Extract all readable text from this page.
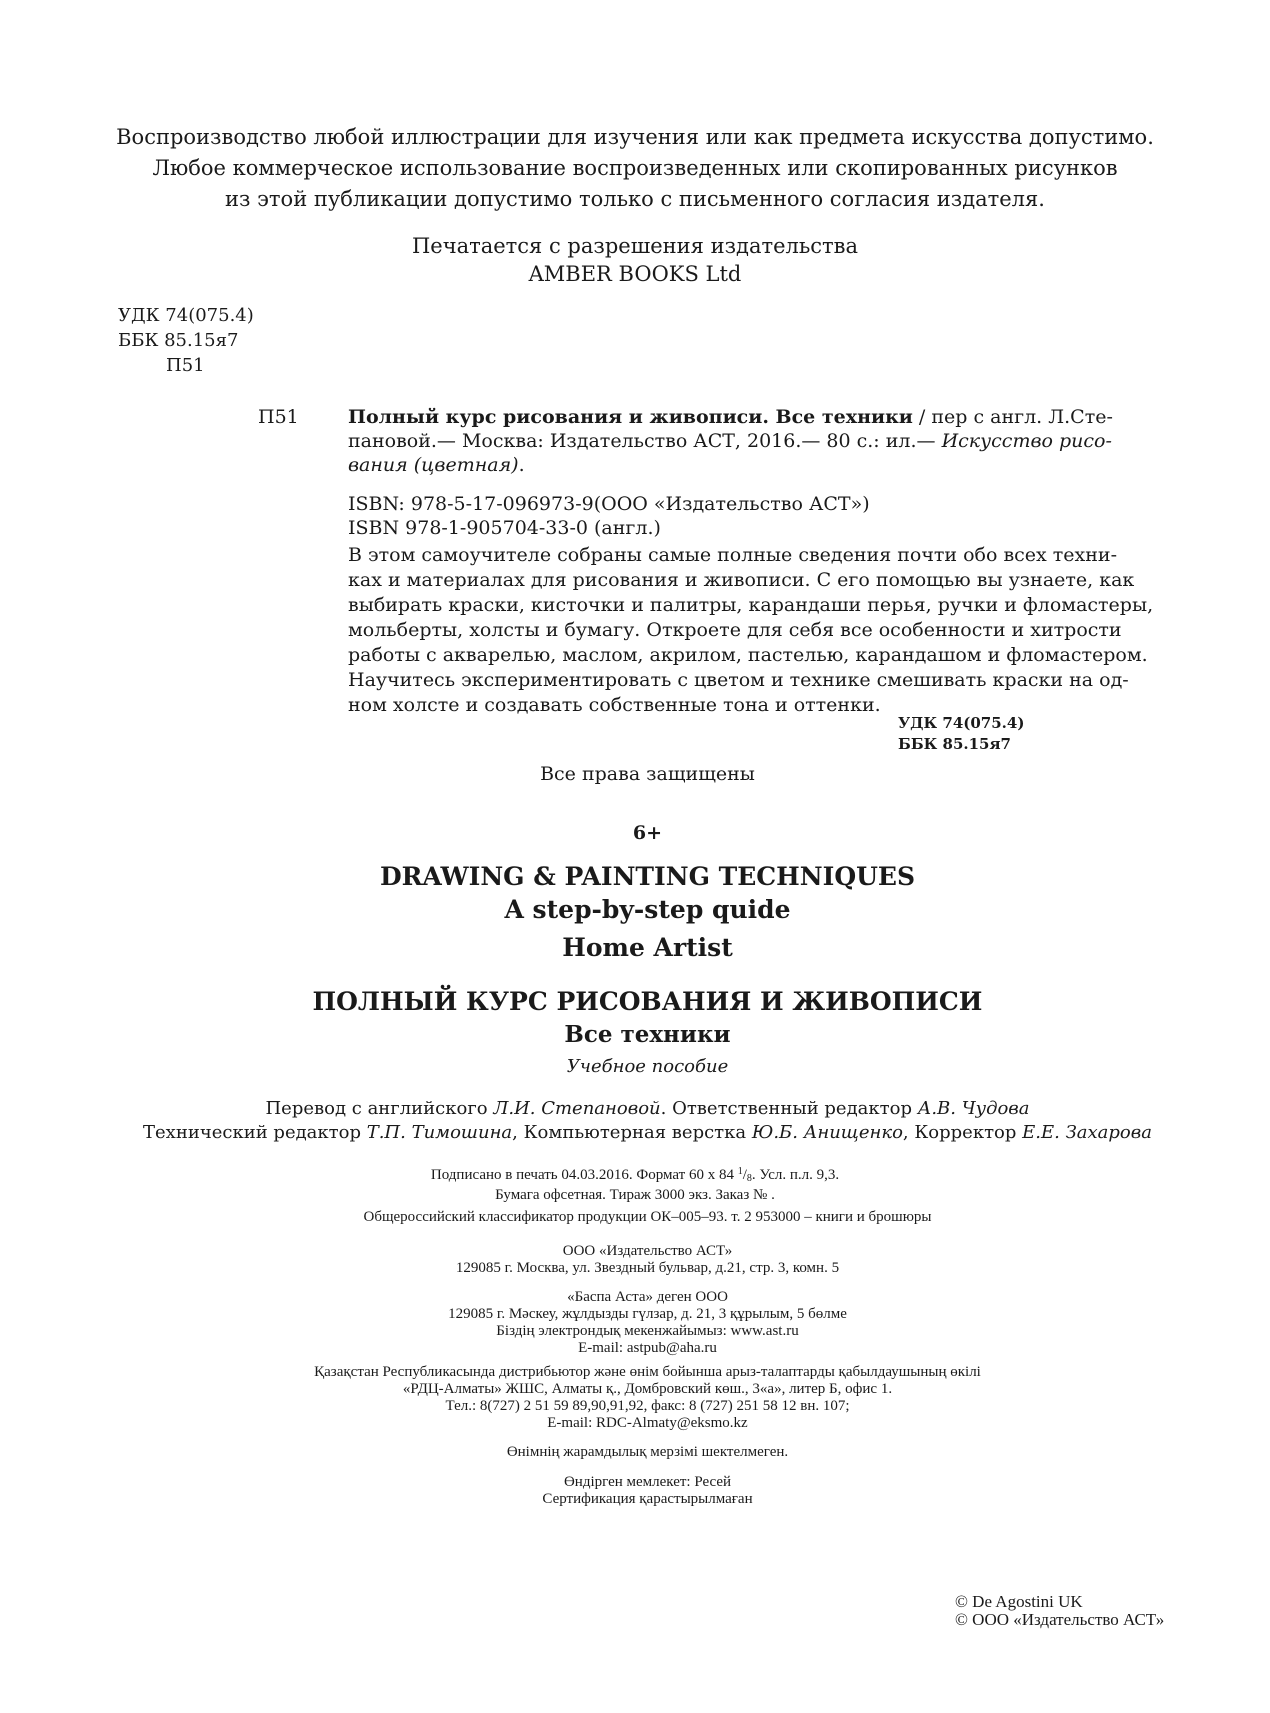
Воспроизводство любой иллюстрации для изучения или как предмета искусства допустимо.
Любое коммерческое использование воспроизведенных или скопированных рисунков
из этой публикации допустимо только с письменного согласия издателя.
Печатается с разрешения издательства
AMBER BOOKS Ltd
УДК 74(075.4)
ББК 85.15я7
П51
П51	Полный курс рисования и живописи. Все техники / пер с англ. Л.Сте-
пановой.— Москва: Издательство АСТ, 2016.— 80 с.: ил.— Искусство рисо-
вания (цветная).
ISBN: 978-5-17-096973-9(ООО «Издательство АСТ»)
ISBN 978-1-905704-33-0 (англ.)
В этом самоучителе собраны самые полные сведения почти обо всех техни-
ках и материалах для рисования и живописи. С его помощью вы узнаете, как
выбирать краски, кисточки и палитры, карандаши перья, ручки и фломастеры,
мольберты, холсты и бумагу. Откроете для себя все особенности и хитрости
работы с акварелью, маслом, акрилом, пастелью, карандашом и фломастером.
Научитесь экспериментировать с цветом и технике смешивать краски на од-
ном холсте и создавать собственные тона и оттенки.
УДК 74(075.4)
ББК 85.15я7
Все права защищены
6+
DRAWING & PAINTING TECHNIQUES
A step-by-step quide
Home Artist
ПОЛНЫЙ КУРС РИСОВАНИЯ И ЖИВОПИСИ
Все техники
Учебное пособие
Перевод с английского Л.И. Степановой. Ответственный редактор А.В. Чудова
Технический редактор Т.П. Тимошина, Компьютерная верстка Ю.Б. Анищенко, Корректор Е.Е. Захарова
Подписано в печать 04.03.2016. Формат 60 х 84 $^1/_8$. Усл. п.л. 9,3.
Бумага офсетная. Тираж 3000 экз. Заказ № .
Общероссийский классификатор продукции ОК–005–93. т. 2 953000 – книги и брошюры
ООО «Издательство АСТ»
129085 г. Москва, ул. Звездный бульвар, д.21, стр. 3, комн. 5
«Баспа Аста» деген ООО
129085 г. Мәскеу, жұлдызды гүлзар, д. 21, 3 құрылым, 5 бөлме
Біздің электрондық мекенжайымыз: www.ast.ru
E-mail: astpub@aha.ru
Қазақстан Республикасында дистрибьютор және өнім бойынша арыз-талаптарды қабылдаушының өкілі
«РДЦ-Алматы» ЖШС, Алматы қ., Домбровский көш., 3«а», литер Б, офис 1.
Тел.: 8(727) 2 51 59 89,90,91,92, факс: 8 (727) 251 58 12 вн. 107;
E-mail: RDC-Almaty@eksmo.kz
Өнімнің жарамдылық мерзімі шектелмеген.
Өндірген мемлекет: Ресей
Сертификация қарастырылмаған
© De Agostini UK
© ООО «Издательство АСТ»
